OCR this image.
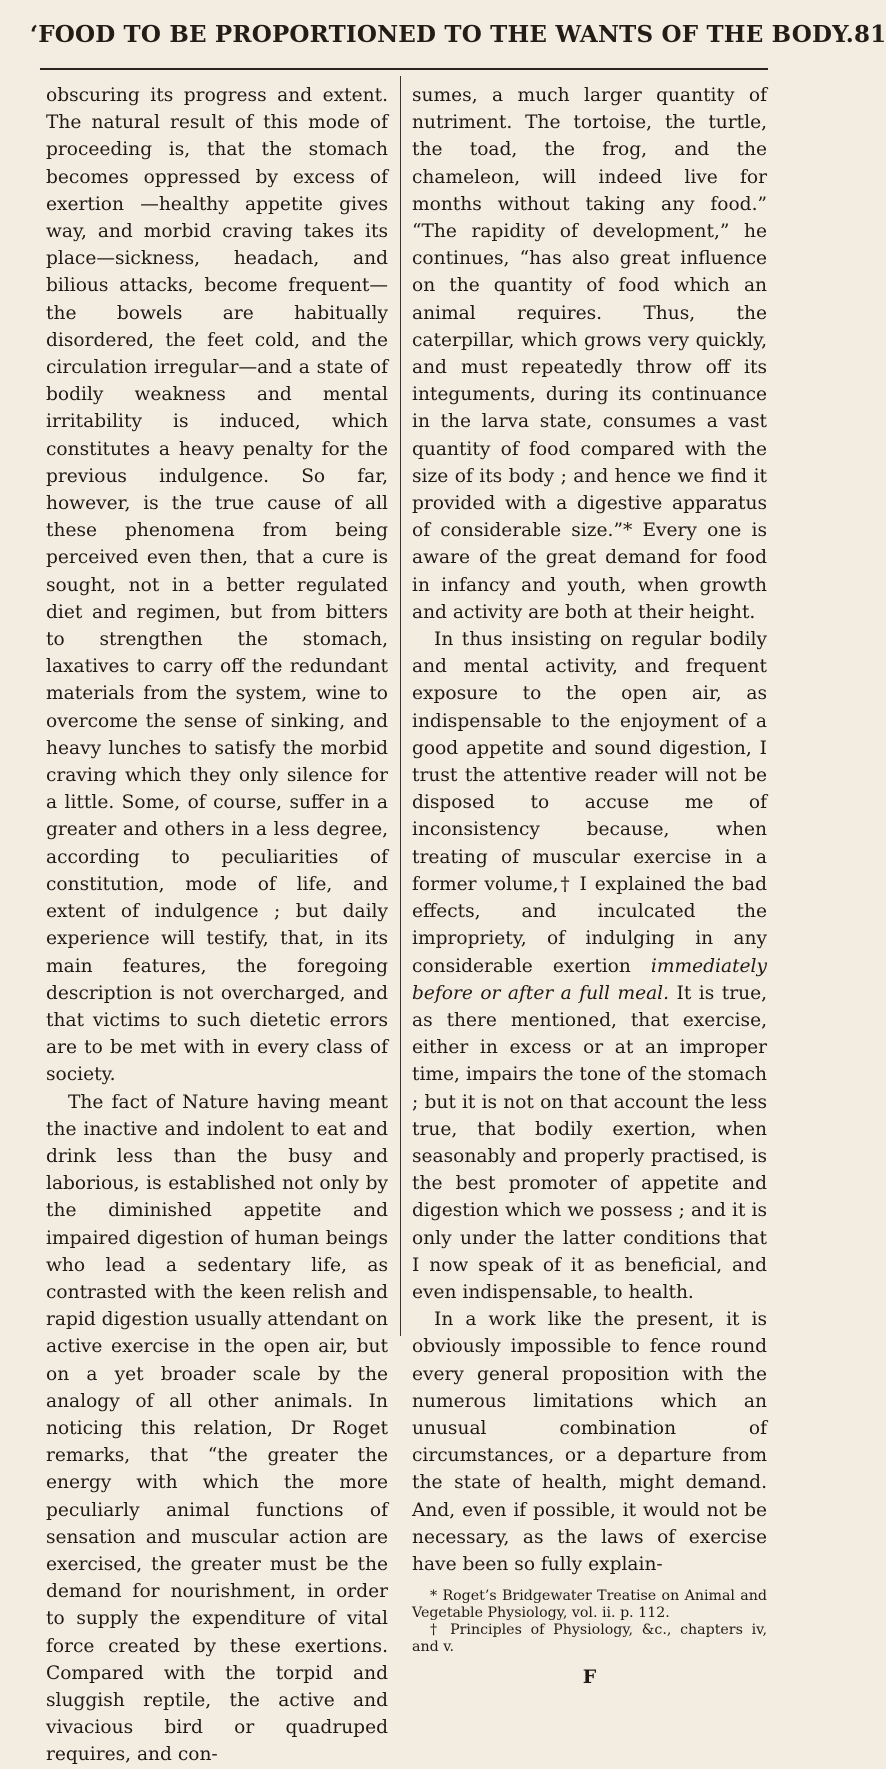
‘FOOD TO BE PROPORTIONED TO THE WANTS OF THE BODY. 81

obscuring its progress and extent. The natural result of this mode of proceeding is, that the stomach becomes oppressed by excess of exertion —healthy appetite gives way, and morbid craving takes its place—sickness, headach, and bilious attacks, become frequent—the bowels are habitually disordered, the feet cold, and the circulation irregular—and a state of bodily weakness and mental irritability is induced, which constitutes a heavy penalty for the previous indulgence. So far, however, is the true cause of all these phenomena from being perceived even then, that a cure is sought, not in a better regulated diet and regimen, but from bitters to strengthen the stomach, laxatives to carry off the redundant materials from the system, wine to overcome the sense of sinking, and heavy lunches to satisfy the morbid craving which they only silence for a little. Some, of course, suffer in a greater and others in a less degree, according to peculiarities of constitution, mode of life, and extent of indulgence ; but daily experience will testify, that, in its main features, the foregoing description is not overcharged, and that victims to such dietetic errors are to be met with in every class of society.

The fact of Nature having meant the inactive and indolent to eat and drink less than the busy and laborious, is established not only by the diminished appetite and impaired digestion of human beings who lead a sedentary life, as contrasted with the keen relish and rapid digestion usually attendant on active exercise in the open air, but on a yet broader scale by the analogy of all other animals. In noticing this relation, Dr Roget remarks, that “the greater the energy with which the more peculiarly animal functions of sensation and muscular action are exercised, the greater must be the demand for nourishment, in order to supply the expenditure of vital force created by these exertions. Compared with the torpid and sluggish reptile, the active and vivacious bird or quadruped requires, and con-

sumes, a much larger quantity of nutriment. The tortoise, the turtle, the toad, the frog, and the chameleon, will indeed live for months without taking any food.” “The rapidity of development,” he continues, “has also great influence on the quantity of food which an animal requires. Thus, the caterpillar, which grows very quickly, and must repeatedly throw off its integuments, during its continuance in the larva state, consumes a vast quantity of food compared with the size of its body ; and hence we find it provided with a digestive apparatus of considerable size.”* Every one is aware of the great demand for food in infancy and youth, when growth and activity are both at their height.

In thus insisting on regular bodily and mental activity, and frequent exposure to the open air, as indispensable to the enjoyment of a good appetite and sound digestion, I trust the attentive reader will not be disposed to accuse me of inconsistency because, when treating of muscular exercise in a former volume,† I explained the bad effects, and inculcated the impropriety, of indulging in any considerable exertion immediately before or after a full meal. It is true, as there mentioned, that exercise, either in excess or at an improper time, impairs the tone of the stomach ; but it is not on that account the less true, that bodily exertion, when seasonably and properly practised, is the best promoter of appetite and digestion which we possess ; and it is only under the latter conditions that I now speak of it as beneficial, and even indispensable, to health.

In a work like the present, it is obviously impossible to fence round every general proposition with the numerous limitations which an unusual combination of circumstances, or a departure from the state of health, might demand. And, even if possible, it would not be necessary, as the laws of exercise have been so fully explain-

* Roget’s Bridgewater Treatise on Animal and Vegetable Physiology, vol. ii. p. 112.

† Principles of Physiology, &c., chapters iv, and v.

F
